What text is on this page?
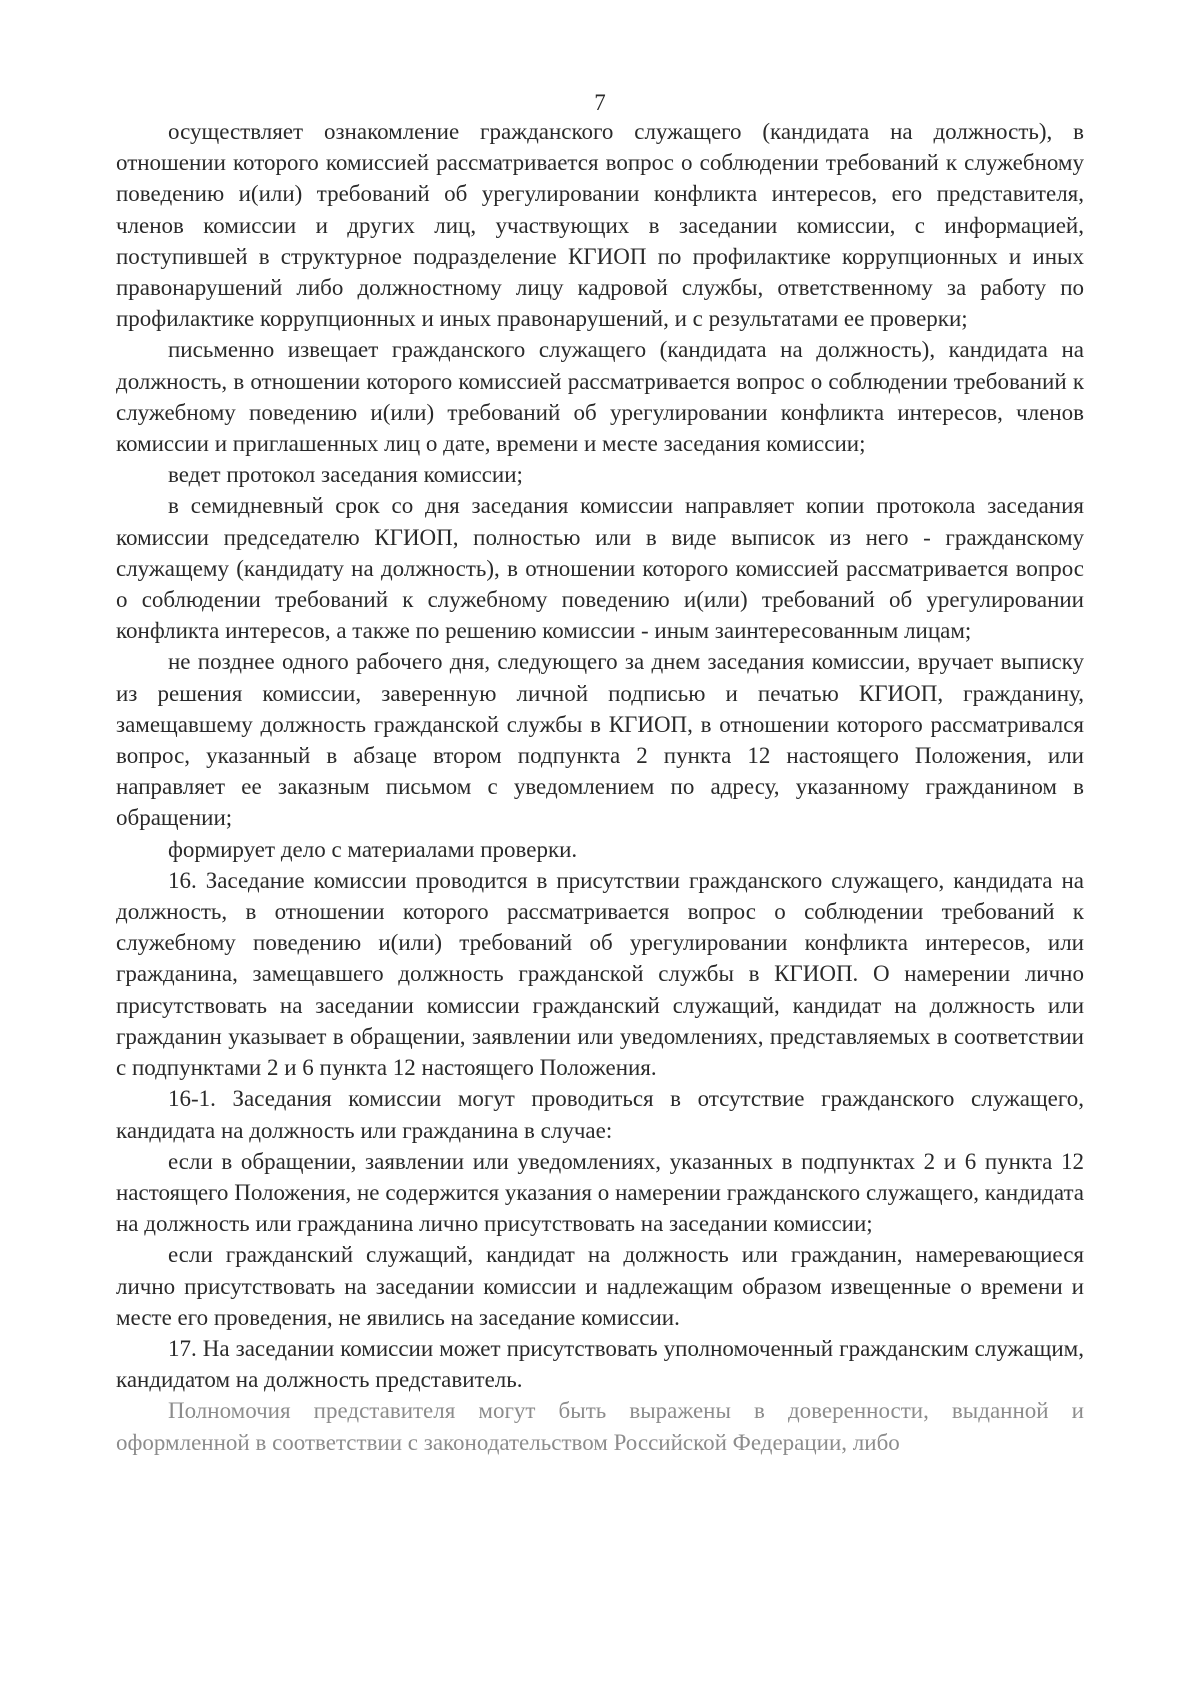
7

осуществляет ознакомление гражданского служащего (кандидата на должность), в отношении которого комиссией рассматривается вопрос о соблюдении требований к служебному поведению и(или) требований об урегулировании конфликта интересов, его представителя, членов комиссии и других лиц, участвующих в заседании комиссии, с информацией, поступившей в структурное подразделение КГИОП по профилактике коррупционных и иных правонарушений либо должностному лицу кадровой службы, ответственному за работу по профилактике коррупционных и иных правонарушений, и с результатами ее проверки;

письменно извещает гражданского служащего (кандидата на должность), кандидата на должность, в отношении которого комиссией рассматривается вопрос о соблюдении требований к служебному поведению и(или) требований об урегулировании конфликта интересов, членов комиссии и приглашенных лиц о дате, времени и месте заседания комиссии;

ведет протокол заседания комиссии;

в семидневный срок со дня заседания комиссии направляет копии протокола заседания комиссии председателю КГИОП, полностью или в виде выписок из него - гражданскому служащему (кандидату на должность), в отношении которого комиссией рассматривается вопрос о соблюдении требований к служебному поведению и(или) требований об урегулировании конфликта интересов, а также по решению комиссии - иным заинтересованным лицам;

не позднее одного рабочего дня, следующего за днем заседания комиссии, вручает выписку из решения комиссии, заверенную личной подписью и печатью КГИОП, гражданину, замещавшему должность гражданской службы в КГИОП, в отношении которого рассматривался вопрос, указанный в абзаце втором подпункта 2 пункта 12 настоящего Положения, или направляет ее заказным письмом с уведомлением по адресу, указанному гражданином в обращении;

формирует дело с материалами проверки.

16. Заседание комиссии проводится в присутствии гражданского служащего, кандидата на должность, в отношении которого рассматривается вопрос о соблюдении требований к служебному поведению и(или) требований об урегулировании конфликта интересов, или гражданина, замещавшего должность гражданской службы в КГИОП. О намерении лично присутствовать на заседании комиссии гражданский служащий, кандидат на должность или гражданин указывает в обращении, заявлении или уведомлениях, представляемых в соответствии с подпунктами 2 и 6 пункта 12 настоящего Положения.

16-1. Заседания комиссии могут проводиться в отсутствие гражданского служащего, кандидата на должность или гражданина в случае:

если в обращении, заявлении или уведомлениях, указанных в подпунктах 2 и 6 пункта 12 настоящего Положения, не содержится указания о намерении гражданского служащего, кандидата на должность или гражданина лично присутствовать на заседании комиссии;

если гражданский служащий, кандидат на должность или гражданин, намеревающиеся лично присутствовать на заседании комиссии и надлежащим образом извещенные о времени и месте его проведения, не явились на заседание комиссии.

17. На заседании комиссии может присутствовать уполномоченный гражданским служащим, кандидатом на должность представитель.

Полномочия представителя могут быть выражены в доверенности, выданной и оформленной в соответствии с законодательством Российской Федерации, либо
